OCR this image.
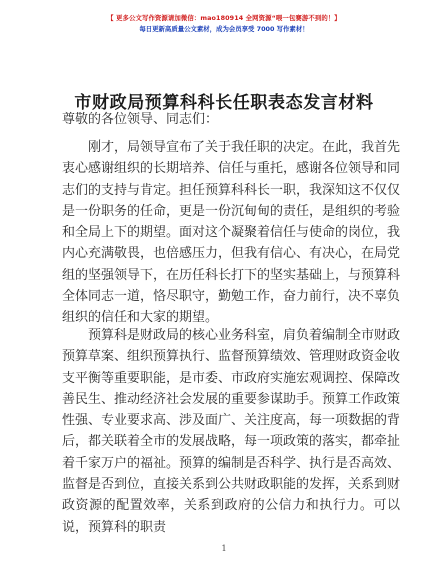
【 更多公文写作资源请加微信：mao180914 全网资源“喂一包赛游不到的！】
每日更新高质量公文素材，成为会员享受 7000 写作素材！
市财政局预算科科长任职表态发言材料

尊敬的各位领导、同志们：

刚才，局领导宣布了关于我任职的决定。在此，我首先衷心感谢组织的长期培养、信任与重托，感谢各位领导和同志们的支持与肯定。担任预算科科长一职，我深知这不仅仅是一份职务的任命，更是一份沉甸甸的责任，是组织的考验和全局上下的期望。面对这个凝聚着信任与使命的岗位，我内心充满敬畏，也倍感压力，但我有信心、有决心，在局党组的坚强领导下，在历任科长打下的坚实基础上，与预算科全体同志一道，恪尽职守，勤勉工作，奋力前行，决不辜负组织的信任和大家的期望。

预算科是财政局的核心业务科室，肩负着编制全市财政预算草案、组织预算执行、监督预算绩效、管理财政资金收支平衡等重要职能，是市委、市政府实施宏观调控、保障改善民生、推动经济社会发展的重要参谋助手。预算工作政策性强、专业要求高、涉及面广、关注度高，每一项数据的背后，都关联着全市的发展战略，每一项政策的落实，都牵扯着千家万户的福祉。预算的编制是否科学、执行是否高效、监督是否到位，直接关系到公共财政职能的发挥，关系到财政资源的配置效率，关系到政府的公信力和执行力。可以说，预算科的职责

1
